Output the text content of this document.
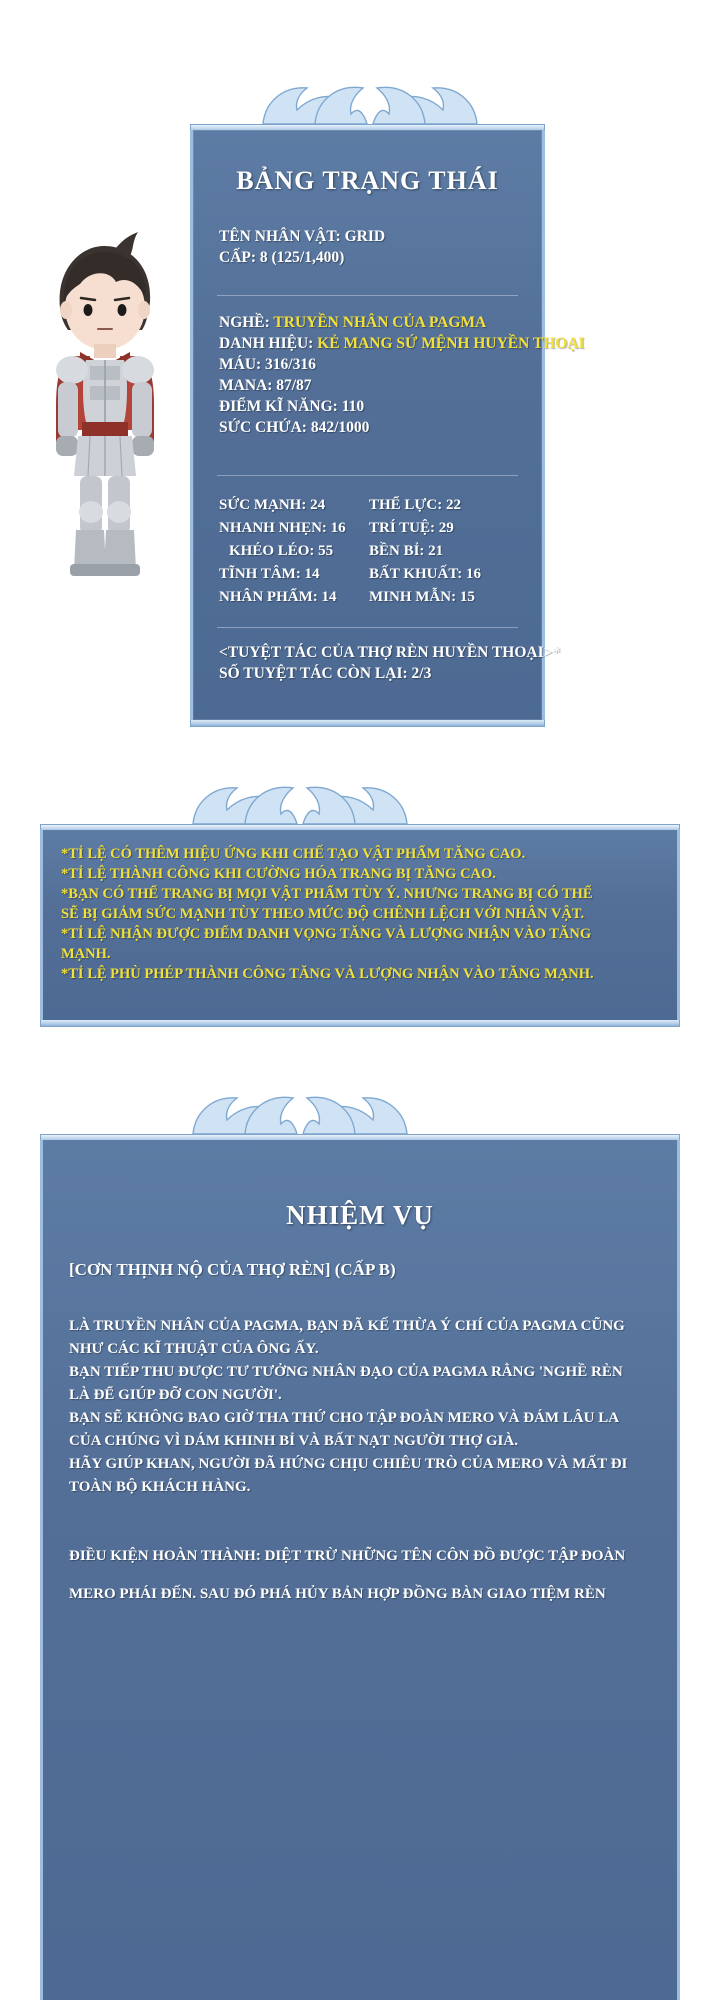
BẢNG TRẠNG THÁI
TÊN NHÂN VẬT: GRID
CẤP: 8 (125/1,400)
NGHỀ: TRUYỀN NHÂN CỦA PAGMA
DANH HIỆU: KẺ MANG SỨ MỆNH HUYỀN THOẠI
MÁU: 316/316
MANA: 87/87
ĐIỂM KĨ NĂNG: 110
SỨC CHỨA: 842/1000
SỨC MẠNH: 24	THỂ LỰC: 22
NHANH NHẸN: 16	TRÍ TUỆ: 29
KHÉO LÉO: 55	BỀN BỈ: 21
TĨNH TÂM: 14	BẤT KHUẤT: 16
NHÂN PHẨM: 14	MINH MẪN: 15
<TUYỆT TÁC CỦA THỢ RÈN HUYỀN THOẠI>*
SỐ TUYỆT TÁC CÒN LẠI: 2/3

*TỈ LỆ CÓ THÊM HIỆU ỨNG KHI CHẾ TẠO VẬT PHẨM TĂNG CAO.

*TỈ LỆ THÀNH CÔNG KHI CƯỜNG HÓA TRANG BỊ TĂNG CAO.

*BẠN CÓ THỂ TRANG BỊ MỌI VẬT PHẨM TÙY Ý. NHƯNG TRANG BỊ CÓ THỂ

SẼ BỊ GIẢM SỨC MẠNH TÙY THEO MỨC ĐỘ CHÊNH LỆCH VỚI NHÂN VẬT.

*TỈ LỆ NHẬN ĐƯỢC ĐIỂM DANH VỌNG TĂNG VÀ LƯỢNG NHẬN VÀO TĂNG

MẠNH.

*TỈ LỆ PHÙ PHÉP THÀNH CÔNG TĂNG VÀ LƯỢNG NHẬN VÀO TĂNG MẠNH.

NHIỆM VỤ
[CƠN THỊNH NỘ CỦA THỢ RÈN] (CẤP B)

LÀ TRUYỀN NHÂN CỦA PAGMA, BẠN ĐÃ KẾ THỪA Ý CHÍ CỦA PAGMA CŨNG

NHƯ CÁC KĨ THUẬT CỦA ÔNG ẤY.

BẠN TIẾP THU ĐƯỢC TƯ TƯỞNG NHÂN ĐẠO CỦA PAGMA RẰNG 'NGHỀ RÈN

LÀ ĐỂ GIÚP ĐỠ CON NGƯỜI'.

BẠN SẼ KHÔNG BAO GIỜ THA THỨ CHO TẬP ĐOÀN MERO VÀ ĐÁM LÂU LA

CỦA CHÚNG VÌ DÁM KHINH BỈ VÀ BẤT NẠT NGƯỜI THỢ GIÀ.

HÃY GIÚP KHAN, NGƯỜI ĐÃ HỨNG CHỊU CHIÊU TRÒ CỦA MERO VÀ MẤT ĐI

TOÀN BỘ KHÁCH HÀNG.

ĐIỀU KIỆN HOÀN THÀNH: DIỆT TRỪ NHỮNG TÊN CÔN ĐỒ ĐƯỢC TẬP ĐOÀN

MERO PHÁI ĐẾN. SAU ĐÓ PHÁ HỦY BẢN HỢP ĐỒNG BÀN GIAO TIỆM RÈN
